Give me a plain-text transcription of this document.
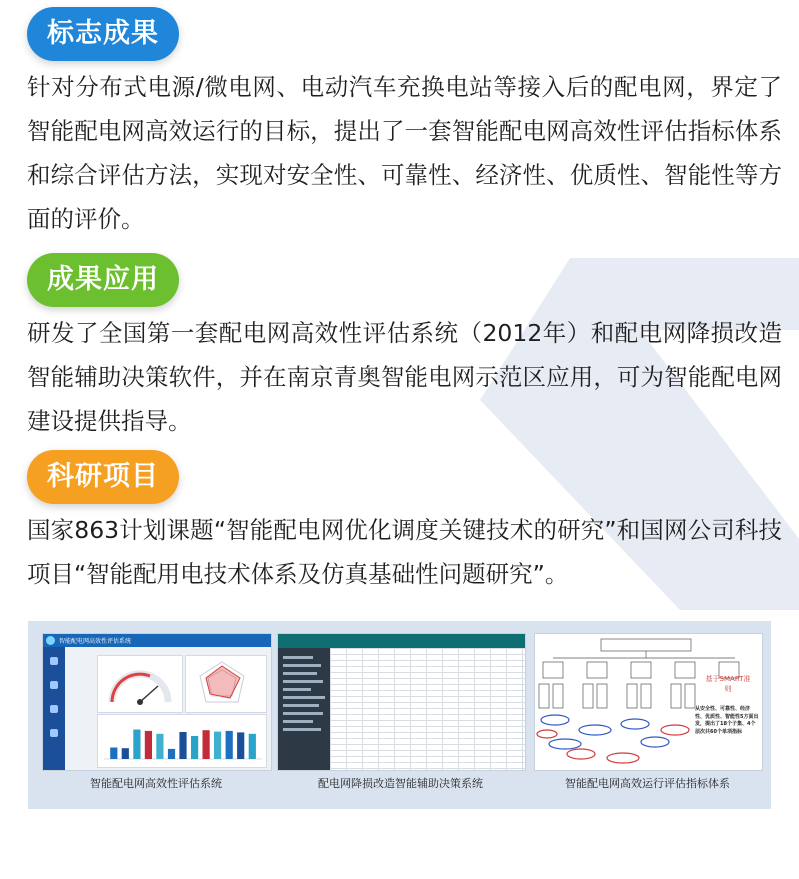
标志成果

针对分布式电源/微电网、电动汽车充换电站等接入后的配电网，界定了智能配电网高效运行的目标，提出了一套智能配电网高效性评估指标体系和综合评估方法，实现对安全性、可靠性、经济性、优质性、智能性等方面的评价。

成果应用

研发了全国第一套配电网高效性评估系统（2012年）和配电网降损改造智能辅助决策软件，并在南京青奥智能电网示范区应用，可为智能配电网建设提供指导。

科研项目

国家863计划课题“智能配电网优化调度关键技术的研究”和国网公司科技项目“智能配用电技术体系及仿真基础性问题研究”。

智能配电网高效性评估系统
智能配电网高效性评估系统	配电网降损改造智能辅助决策系统
基于SMART准则
从安全性、可靠性、经济性、优质性、智能性5方面出发，提出了18个子集、4个层次共60个单项指标
智能配电网高效运行评估指标体系
